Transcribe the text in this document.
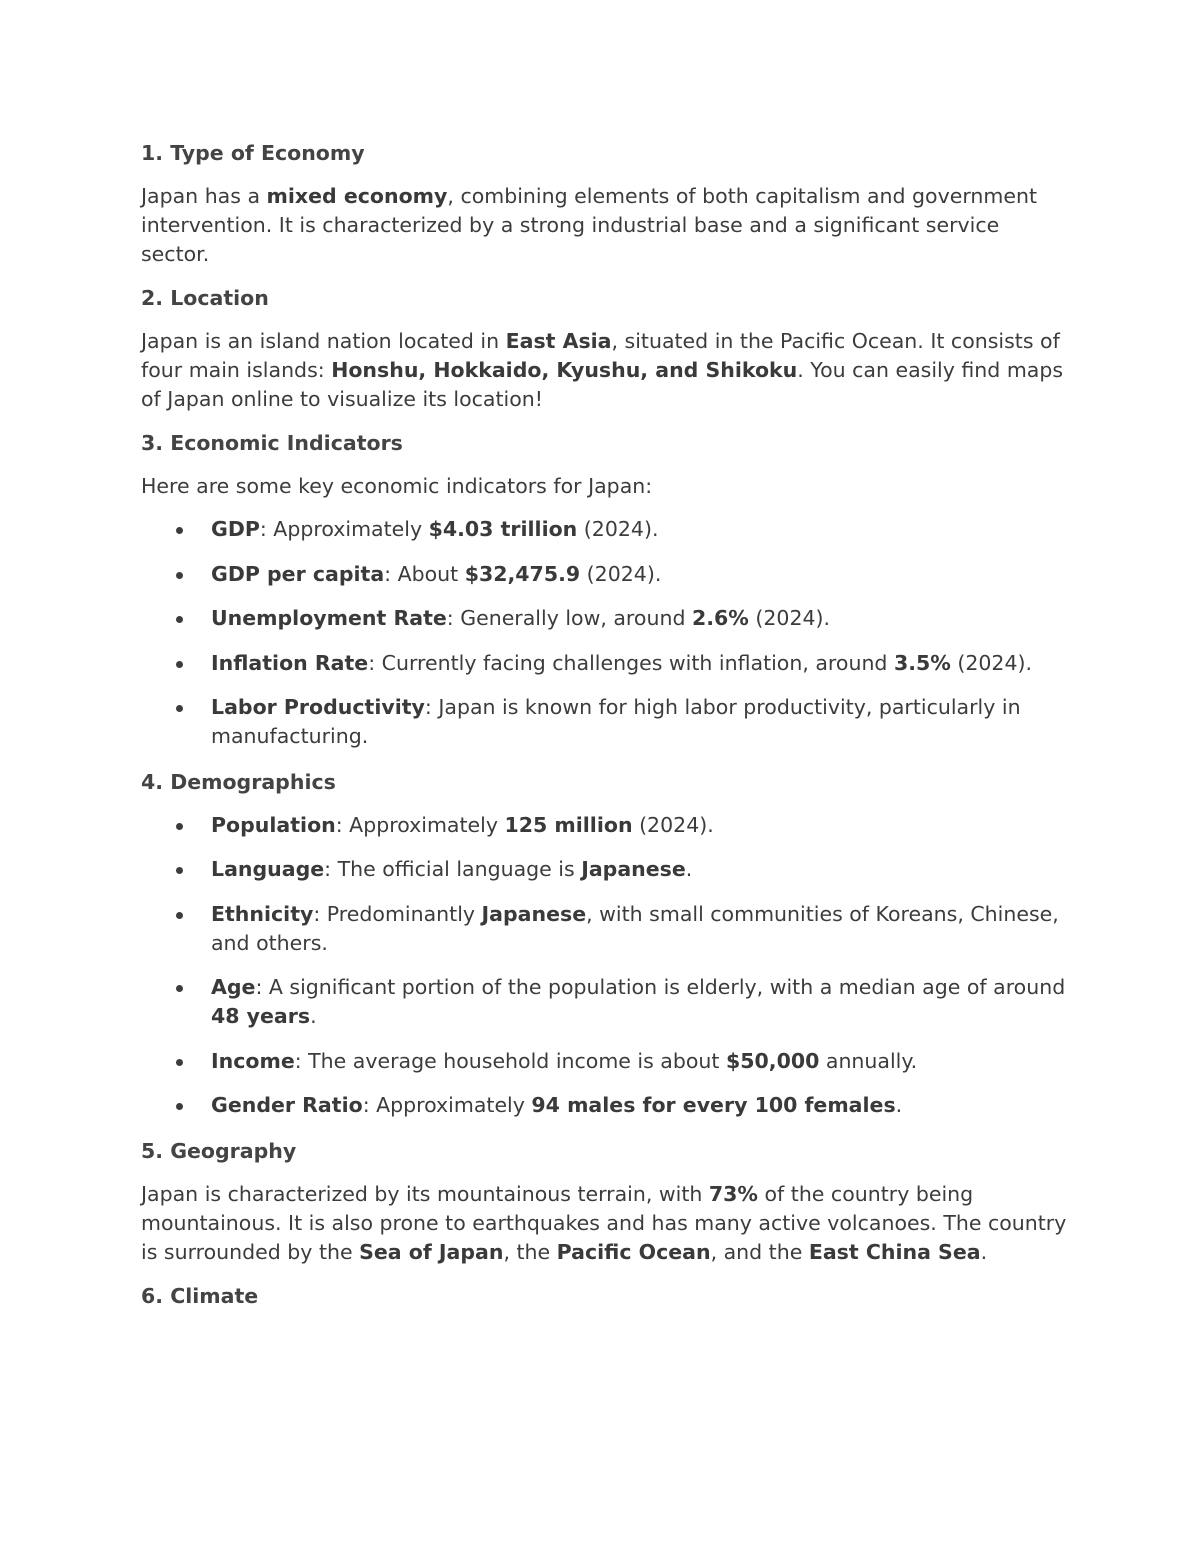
1. Type of Economy

Japan has a mixed economy, combining elements of both capitalism and government intervention. It is characterized by a strong industrial base and a significant service sector.

2. Location

Japan is an island nation located in East Asia, situated in the Pacific Ocean. It consists of four main islands: Honshu, Hokkaido, Kyushu, and Shikoku. You can easily find maps of Japan online to visualize its location!

3. Economic Indicators

Here are some key economic indicators for Japan:

GDP: Approximately $4.03 trillion (2024).
GDP per capita: About $32,475.9 (2024).
Unemployment Rate: Generally low, around 2.6% (2024).
Inflation Rate: Currently facing challenges with inflation, around 3.5% (2024).
Labor Productivity: Japan is known for high labor productivity, particularly in manufacturing.
4. Demographics
Population: Approximately 125 million (2024).
Language: The official language is Japanese.
Ethnicity: Predominantly Japanese, with small communities of Koreans, Chinese, and others.
Age: A significant portion of the population is elderly, with a median age of around 48 years.
Income: The average household income is about $50,000 annually.
Gender Ratio: Approximately 94 males for every 100 females.
5. Geography

Japan is characterized by its mountainous terrain, with 73% of the country being mountainous. It is also prone to earthquakes and has many active volcanoes. The country is surrounded by the Sea of Japan, the Pacific Ocean, and the East China Sea.

6. Climate
